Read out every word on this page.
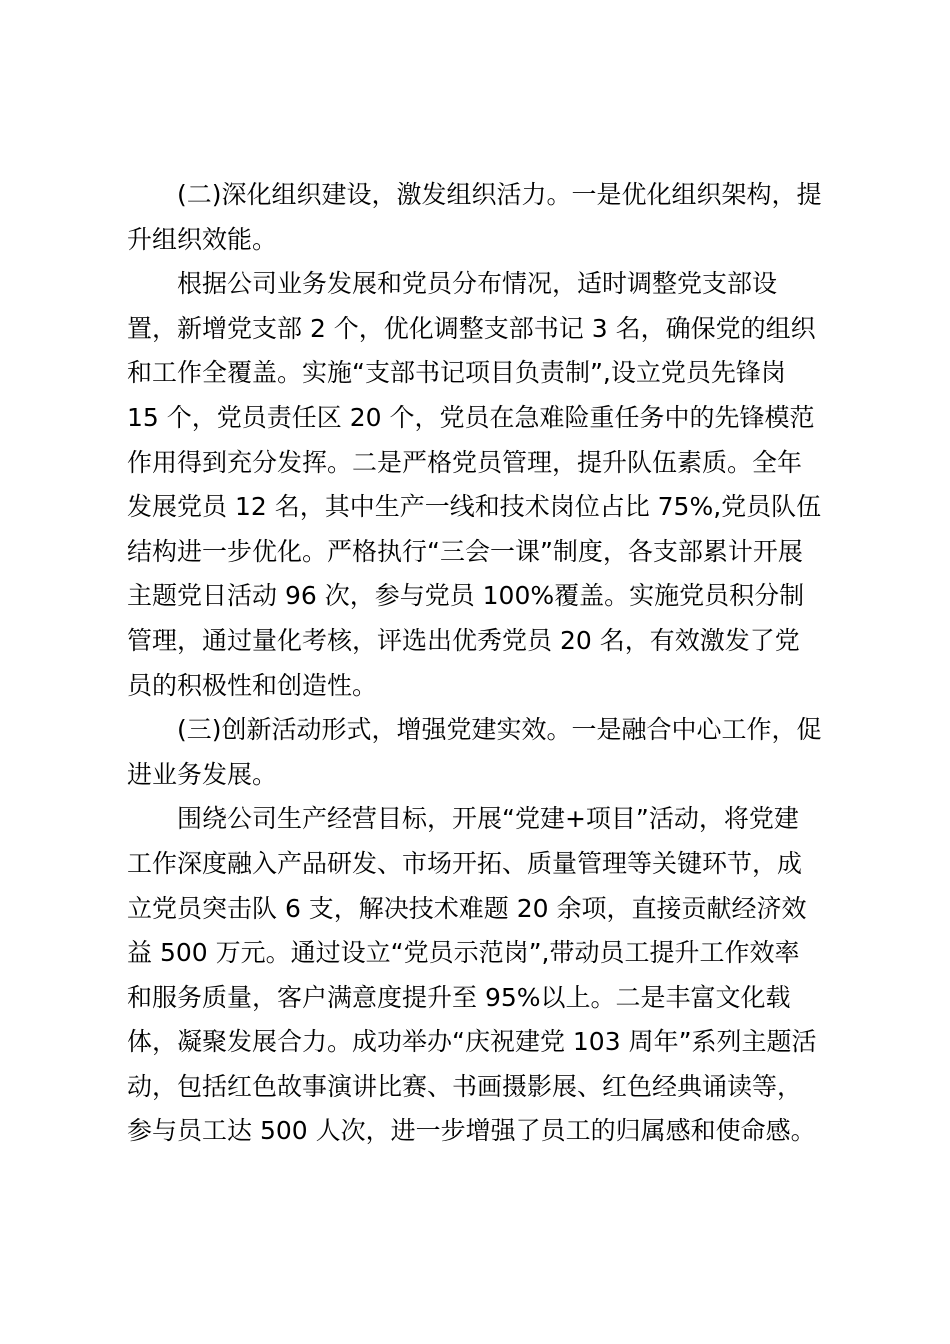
(二)深化组织建设，激发组织活力。一是优化组织架构，提
升组织效能。
根据公司业务发展和党员分布情况，适时调整党支部设
置，新增党支部 2 个，优化调整支部书记 3 名，确保党的组织
和工作全覆盖。实施“支部书记项目负责制”,设立党员先锋岗
15 个，党员责任区 20 个，党员在急难险重任务中的先锋模范
作用得到充分发挥。二是严格党员管理，提升队伍素质。全年
发展党员 12 名，其中生产一线和技术岗位占比 75%,党员队伍
结构进一步优化。严格执行“三会一课”制度，各支部累计开展
主题党日活动 96 次，参与党员 100%覆盖。实施党员积分制
管理，通过量化考核，评选出优秀党员 20 名，有效激发了党
员的积极性和创造性。
(三)创新活动形式，增强党建实效。一是融合中心工作，促
进业务发展。
围绕公司生产经营目标，开展“党建+项目”活动，将党建
工作深度融入产品研发、市场开拓、质量管理等关键环节，成
立党员突击队 6 支，解决技术难题 20 余项，直接贡献经济效
益 500 万元。通过设立“党员示范岗”,带动员工提升工作效率
和服务质量，客户满意度提升至 95%以上。二是丰富文化载
体，凝聚发展合力。成功举办“庆祝建党 103 周年”系列主题活
动，包括红色故事演讲比赛、书画摄影展、红色经典诵读等，
参与员工达 500 人次，进一步增强了员工的归属感和使命感。
